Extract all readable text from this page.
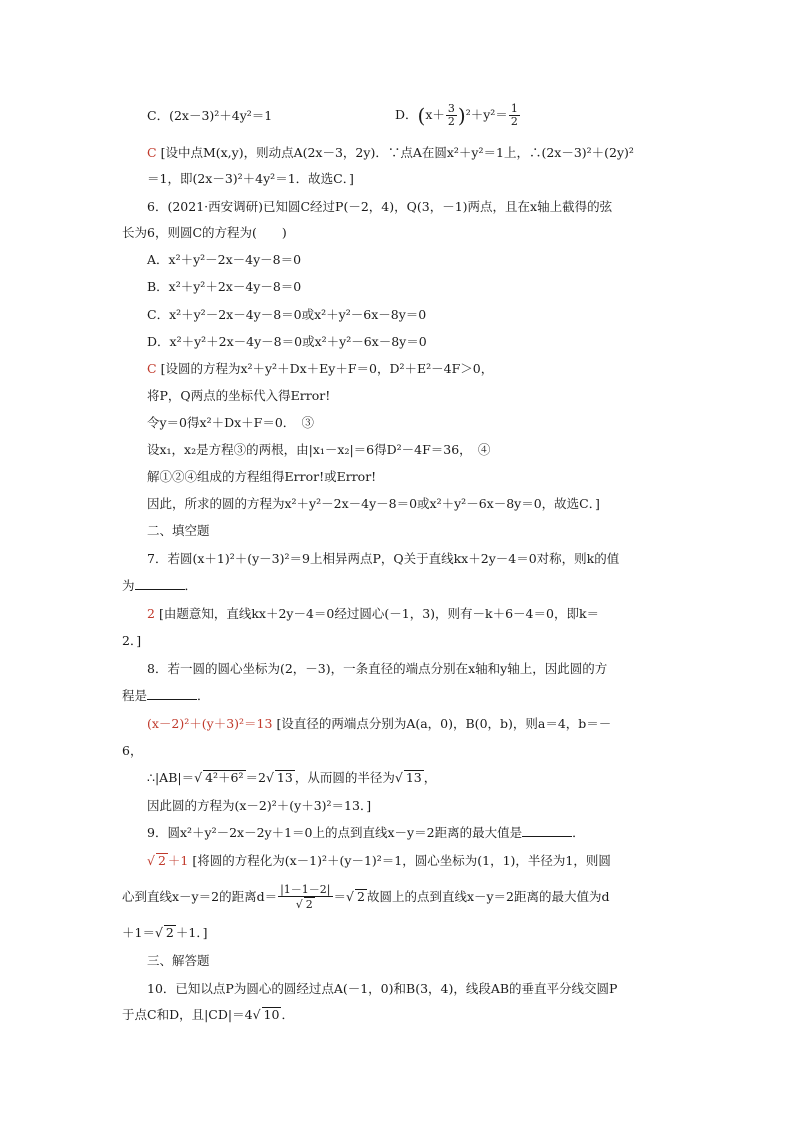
C．(2x－3)²＋4y²＝1	D．$(x+ \frac{3}{2} )^2+y^2= \frac{1}{2}$
C [设中点M(x,y)，则动点A(2x－3，2y)．∵点A在圆x²＋y²＝1上，∴(2x－3)²＋(2y)²
＝1，即(2x－3)²＋4y²＝1．故选C．]
6．(2021·西安调研)已知圆C经过P(－2，4)，Q(3，－1)两点，且在x轴上截得的弦
长为6，则圆C的方程为(　　)
A．x²＋y²－2x－4y－8＝0
B．x²＋y²＋2x－4y－8＝0
C．x²＋y²－2x－4y－8＝0或x²＋y²－6x－8y＝0
D．x²＋y²＋2x－4y－8＝0或x²＋y²－6x－8y＝0
C [设圆的方程为x²＋y²＋Dx＋Ey＋F＝0，D²＋E²－4F＞0，
将P，Q两点的坐标代入得Error!
令y＝0得x²＋Dx＋F＝0．　③
设x₁，x₂是方程③的两根，由|x₁－x₂|＝6得D²－4F＝36，　④
解①②④组成的方程组得Error!或Error!
因此，所求的圆的方程为x²＋y²－2x－4y－8＝0或x²＋y²－6x－8y＝0，故选C．]
二、填空题
7．若圆(x＋1)²＋(y－3)²＝9上相异两点P，Q关于直线kx＋2y－4＝0对称，则k的值
为	．
2 [由题意知，直线kx＋2y－4＝0经过圆心(－1，3)，则有－k＋6－4＝0，即k＝
2．]
8．若一圆的圆心坐标为(2，－3)，一条直径的端点分别在x轴和y轴上，因此圆的方
程是	．
(x－2)²＋(y＋3)²＝13 [设直径的两端点分别为A(a，0)，B(0，b)，则a＝4，b＝－
6，
∴|AB|＝√ 4²＋6² ＝2√ 13 ，从而圆的半径为√ 13 ，
因此圆的方程为(x－2)²＋(y＋3)²＝13．]
9．圆x²＋y²－2x－2y＋1＝0上的点到直线x－y＝2距离的最大值是	．
√ 2 ＋1 [将圆的方程化为(x－1)²＋(y－1)²＝1，圆心坐标为(1，1)，半径为1，则圆
心到直线x－y＝2的距离$d= \frac{|1-1-2|}{√ 2}$ ＝√ 2 故圆上的点到直线x－y＝2距离的最大值为d
＋1＝√ 2 ＋1．]
三、解答题
10．已知以点P为圆心的圆经过点A(－1，0)和B(3，4)，线段AB的垂直平分线交圆P
于点C和D，且|CD|＝4√ 10 ．
